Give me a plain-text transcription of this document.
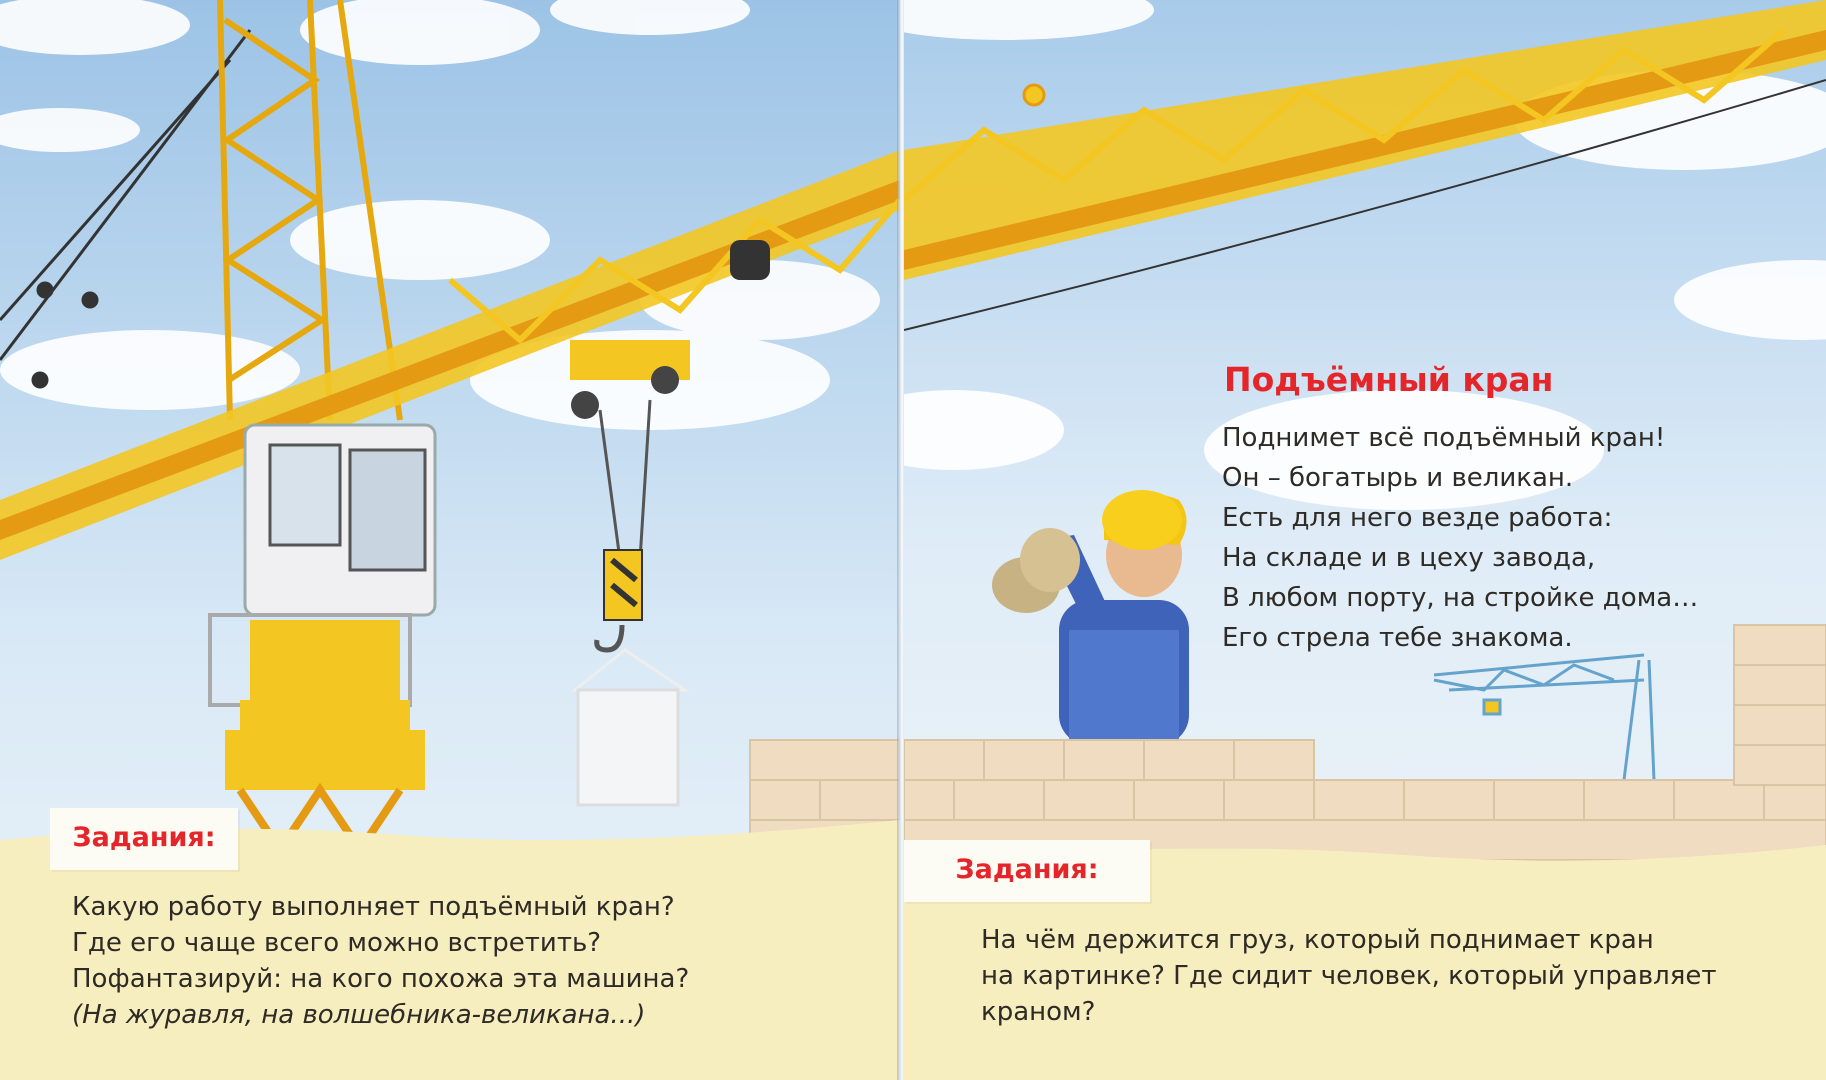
Задания:

Какую работу выполняет подъёмный кран?

Где его чаще всего можно встретить?

Пофантазируй: на кого похожа эта машина?

(На журавля, на волшебника-великана...)

Подъёмный кран

Поднимет всё подъёмный кран!

Он – богатырь и великан.

Есть для него везде работа:

На складе и в цеху завода,

В любом порту, на стройке дома…

Его стрела тебе знакома.

Задания:

На чём держится груз, который поднимает кран

на картинке? Где сидит человек, который управляет

краном?
